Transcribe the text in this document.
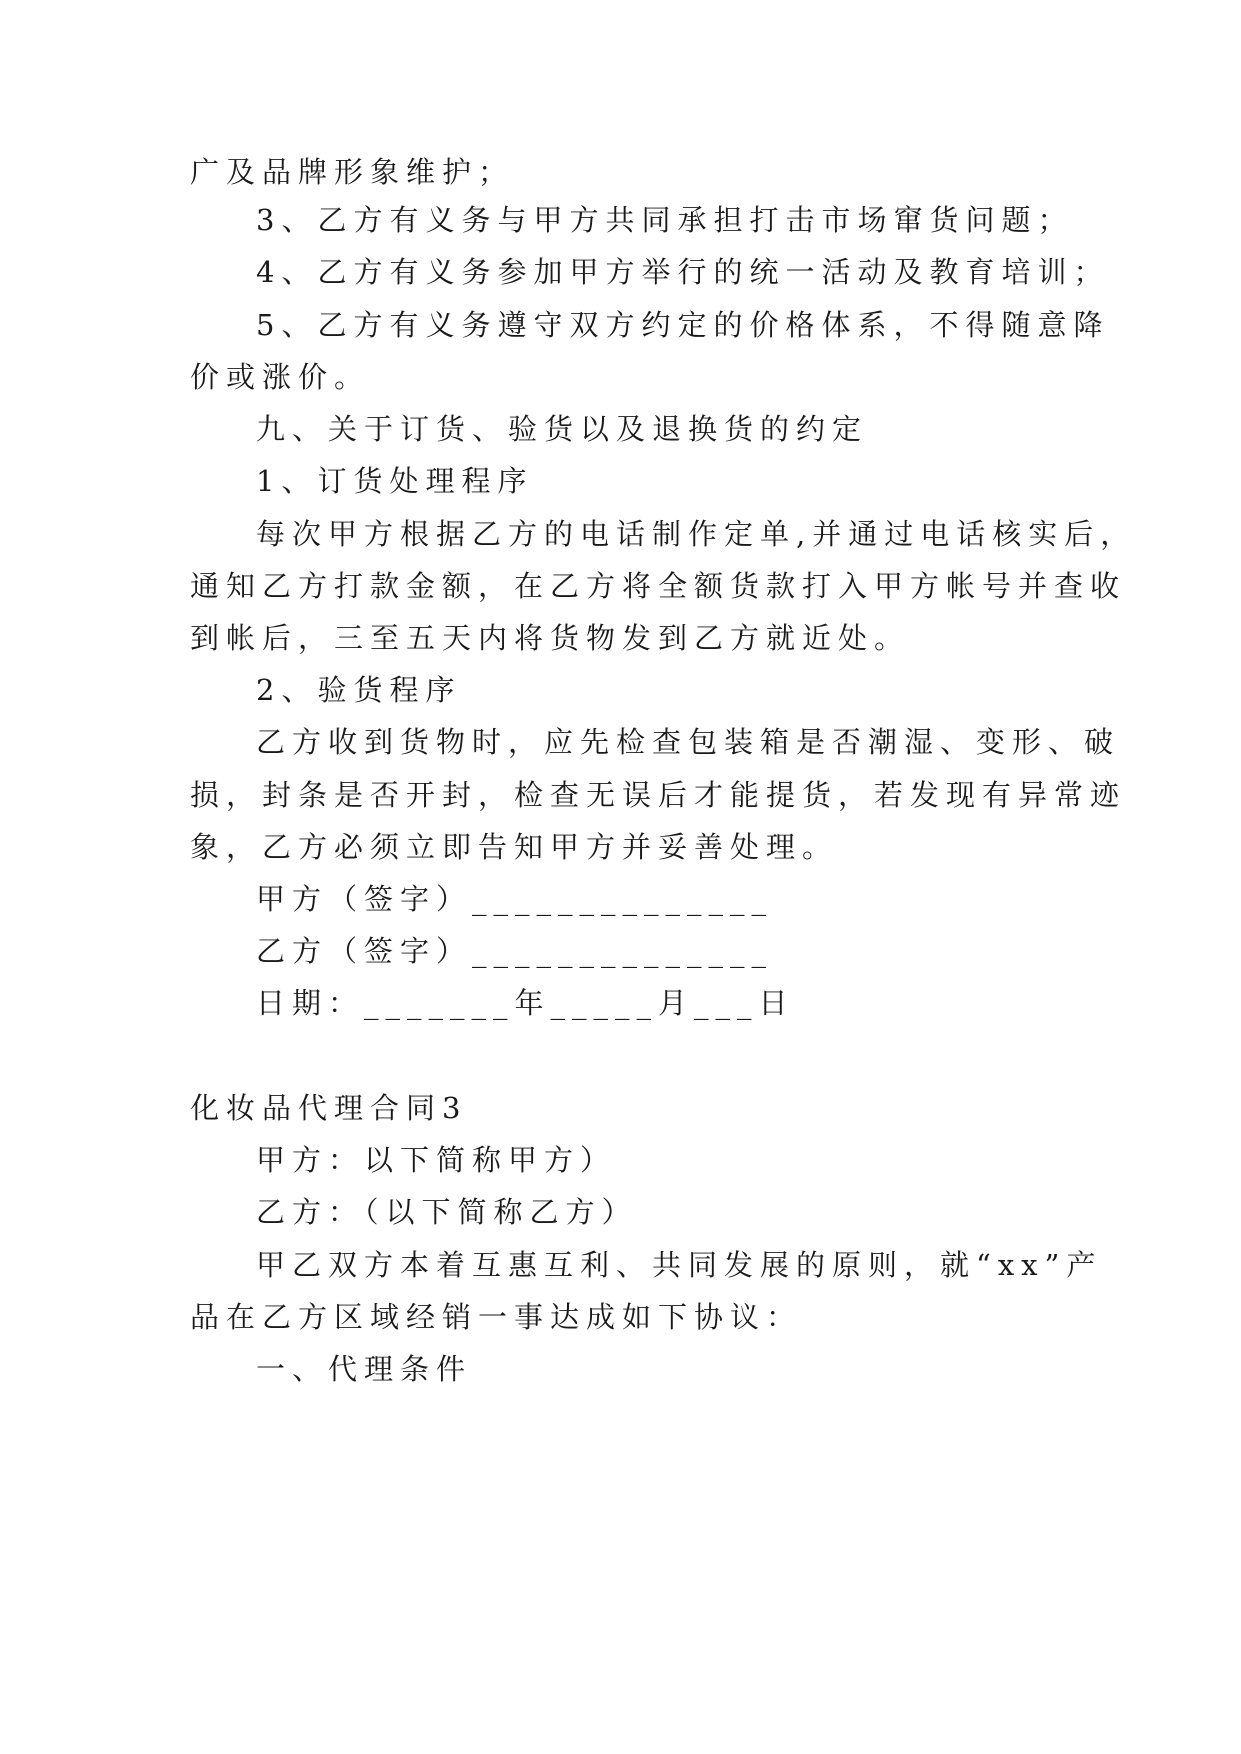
广及品牌形象维护；
3、乙方有义务与甲方共同承担打击市场窜货问题；
4、乙方有义务参加甲方举行的统一活动及教育培训；
5、乙方有义务遵守双方约定的价格体系，不得随意降
价或涨价。
九、关于订货、验货以及退换货的约定
1、订货处理程序
每次甲方根据乙方的电话制作定单,并通过电话核实后，
通知乙方打款金额，在乙方将全额货款打入甲方帐号并查收
到帐后，三至五天内将货物发到乙方就近处。
2、验货程序
乙方收到货物时，应先检查包装箱是否潮湿、变形、破
损，封条是否开封，检查无误后才能提货，若发现有异常迹
象，乙方必须立即告知甲方并妥善处理。
甲方（签字）______________
乙方（签字）______________
日期：_______年_____月___日
化妆品代理合同3
甲方：以下简称甲方）
乙方：（以下简称乙方）
甲乙双方本着互惠互利、共同发展的原则，就“xx”产
品在乙方区域经销一事达成如下协议：
一、代理条件
